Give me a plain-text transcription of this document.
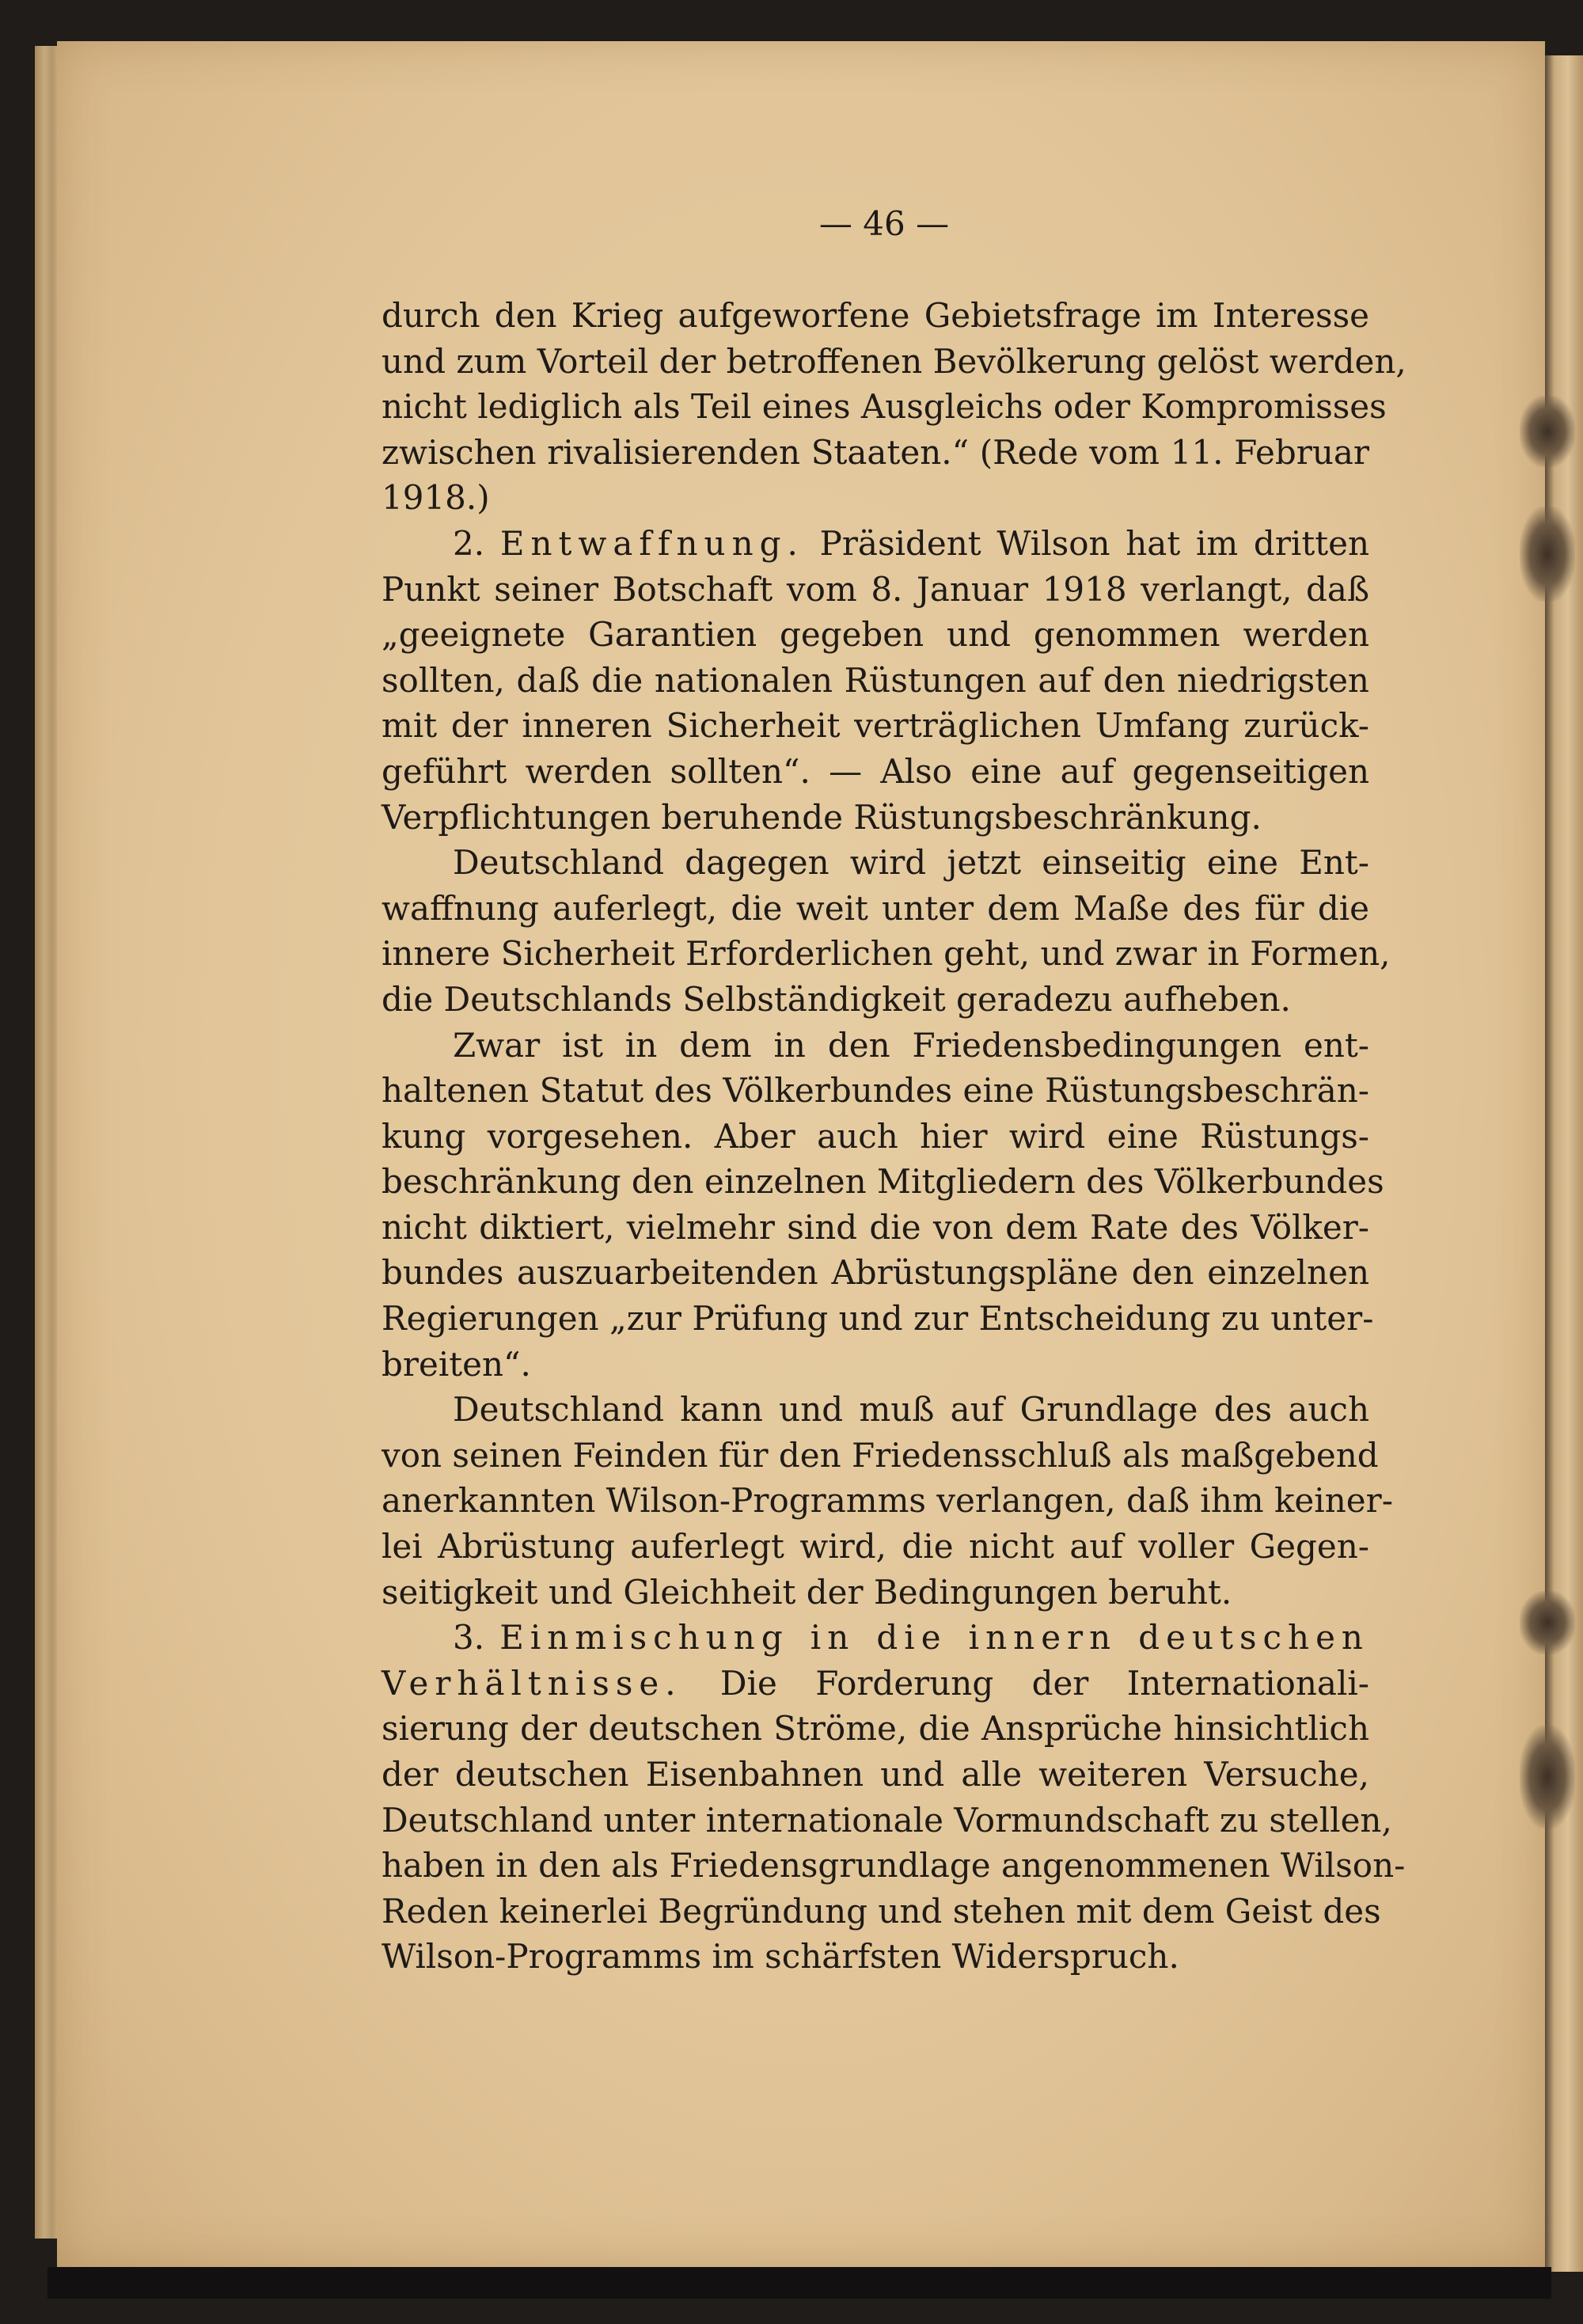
— 46 —
durch den Krieg aufgeworfene Gebietsfrage im Interesse
und zum Vorteil der betroffenen Bevölkerung gelöst werden,
nicht lediglich als Teil eines Ausgleichs oder Kompromisses
zwischen rivalisierenden Staaten.“ (Rede vom 11. Februar
1918.)
2. Entwaffnung. Präsident Wilson hat im dritten
Punkt seiner Botschaft vom 8. Januar 1918 verlangt, daß
„geeignete Garantien gegeben und genommen werden
sollten, daß die nationalen Rüstungen auf den niedrigsten
mit der inneren Sicherheit verträglichen Umfang zurück-
geführt werden sollten“. — Also eine auf gegenseitigen
Verpflichtungen beruhende Rüstungsbeschränkung.
Deutschland dagegen wird jetzt einseitig eine Ent-
waffnung auferlegt, die weit unter dem Maße des für die
innere Sicherheit Erforderlichen geht, und zwar in Formen,
die Deutschlands Selbständigkeit geradezu aufheben.
Zwar ist in dem in den Friedensbedingungen ent-
haltenen Statut des Völkerbundes eine Rüstungsbeschrän-
kung vorgesehen. Aber auch hier wird eine Rüstungs-
beschränkung den einzelnen Mitgliedern des Völkerbundes
nicht diktiert, vielmehr sind die von dem Rate des Völker-
bundes auszuarbeitenden Abrüstungspläne den einzelnen
Regierungen „zur Prüfung und zur Entscheidung zu unter-
breiten“.
Deutschland kann und muß auf Grundlage des auch
von seinen Feinden für den Friedensschluß als maßgebend
anerkannten Wilson-Programms verlangen, daß ihm keiner-
lei Abrüstung auferlegt wird, die nicht auf voller Gegen-
seitigkeit und Gleichheit der Bedingungen beruht.
3. Einmischung in die innern deutschen
Verhältnisse. Die Forderung der Internationali-
sierung der deutschen Ströme, die Ansprüche hinsichtlich
der deutschen Eisenbahnen und alle weiteren Versuche,
Deutschland unter internationale Vormundschaft zu stellen,
haben in den als Friedensgrundlage angenommenen Wilson-
Reden keinerlei Begründung und stehen mit dem Geist des
Wilson-Programms im schärfsten Widerspruch.
